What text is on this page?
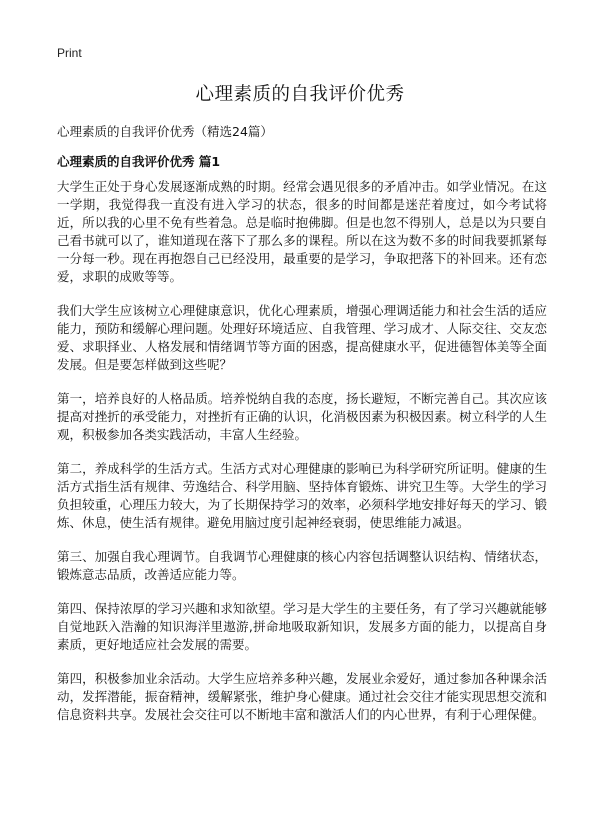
Print
心理素质的自我评价优秀
心理素质的自我评价优秀（精选24篇）
心理素质的自我评价优秀 篇1

大学生正处于身心发展逐渐成熟的时期。经常会遇见很多的矛盾冲击。如学业情况。在这一学期，我觉得我一直没有进入学习的状态，很多的时间都是迷茫着度过，如今考试将近，所以我的心里不免有些着急。总是临时抱佛脚。但是也忽不得别人，总是以为只要自己看书就可以了，谁知道现在落下了那么多的课程。所以在这为数不多的时间我要抓紧每一分每一秒。现在再抱怨自己已经没用，最重要的是学习，争取把落下的补回来。还有恋爱，求职的成败等等。

我们大学生应该树立心理健康意识，优化心理素质，增强心理调适能力和社会生活的适应能力，预防和缓解心理问题。处理好环境适应、自我管理、学习成才、人际交往、交友恋爱、求职择业、人格发展和情绪调节等方面的困惑，提高健康水平，促进德智体美等全面发展。但是要怎样做到这些呢？

第一，培养良好的人格品质。培养悦纳自我的态度，扬长避短，不断完善自己。其次应该提高对挫折的承受能力，对挫折有正确的认识，化消极因素为积极因素。树立科学的人生观，积极参加各类实践活动，丰富人生经验。

第二，养成科学的生活方式。生活方式对心理健康的影响已为科学研究所证明。健康的生活方式指生活有规律、劳逸结合、科学用脑、坚持体育锻炼、讲究卫生等。大学生的学习负担较重，心理压力较大，为了长期保持学习的效率，必须科学地安排好每天的学习、锻炼、休息，使生活有规律。避免用脑过度引起神经衰弱，使思维能力减退。

第三、加强自我心理调节。自我调节心理健康的核心内容包括调整认识结构、情绪状态，锻炼意志品质，改善适应能力等。

第四、保持浓厚的学习兴趣和求知欲望。学习是大学生的主要任务，有了学习兴趣就能够自觉地跃入浩瀚的知识海洋里遨游,拼命地吸取新知识，发展多方面的能力，以提高自身素质，更好地适应社会发展的需要。

第四，积极参加业余活动。大学生应培养多种兴趣，发展业余爱好，通过参加各种课余活动，发挥潜能，振奋精神，缓解紧张，维护身心健康。通过社会交往才能实现思想交流和信息资料共享。发展社会交往可以不断地丰富和激活人们的内心世界，有利于心理保健。
